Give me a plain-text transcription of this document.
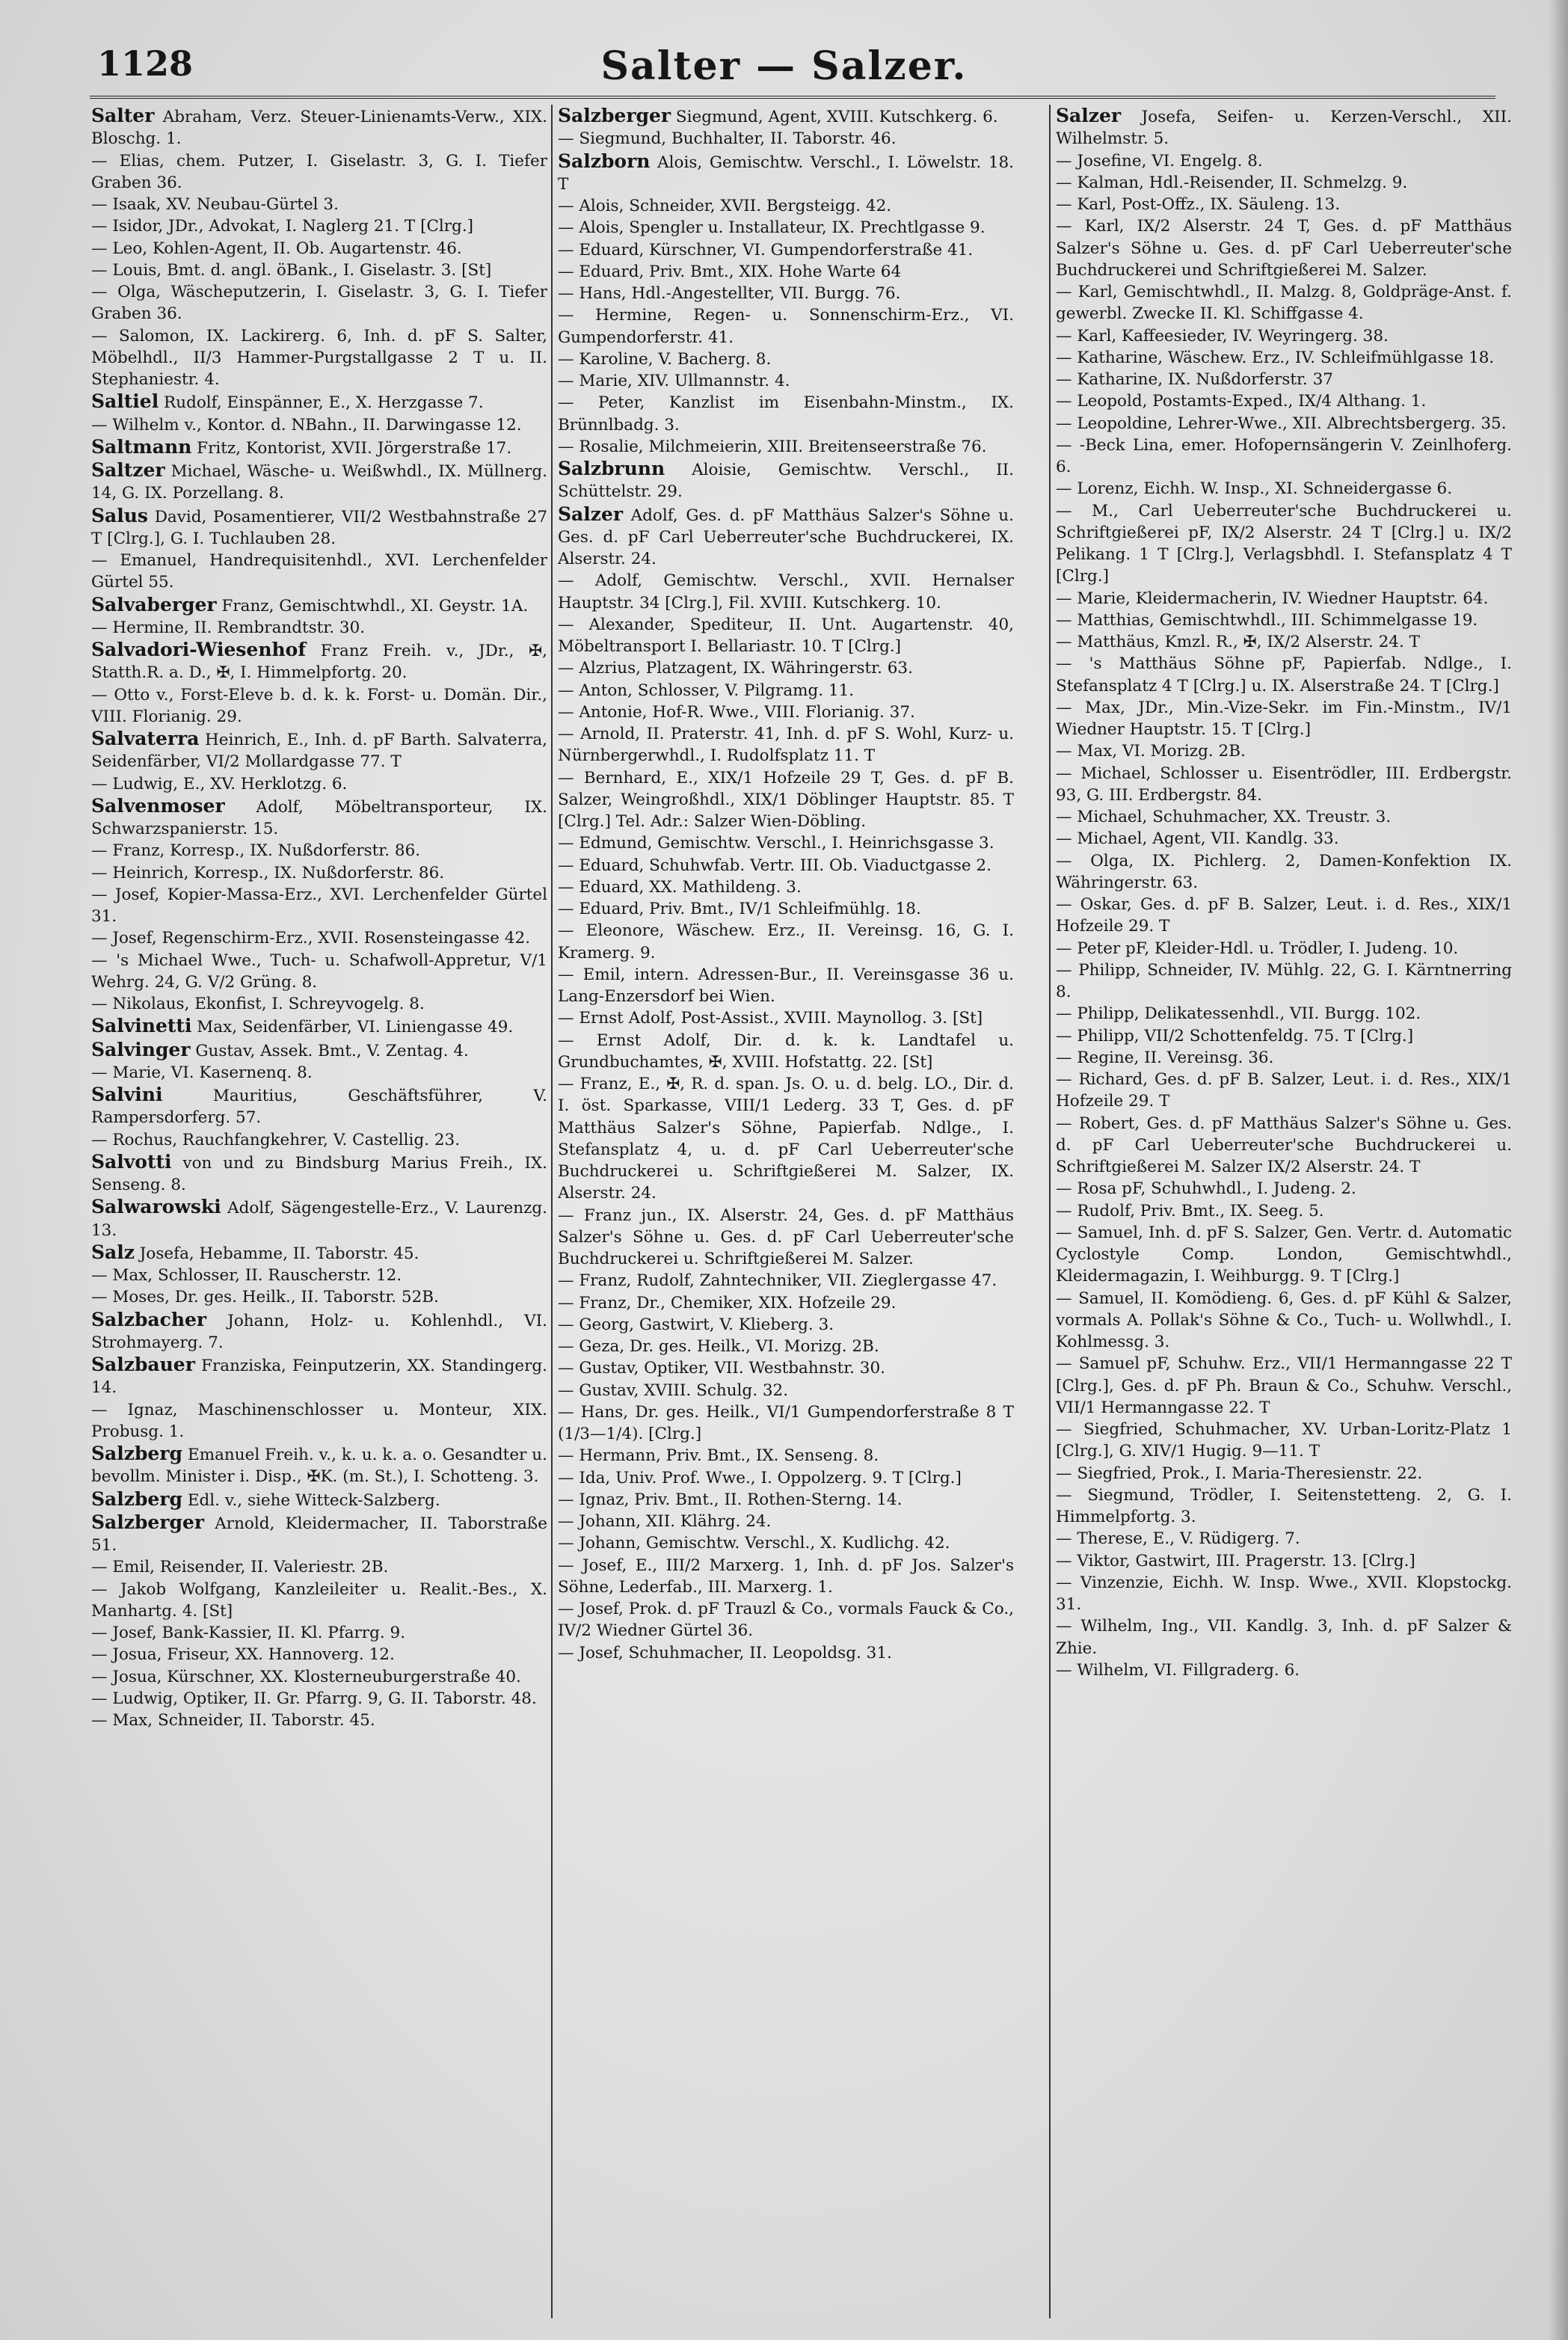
1128	Salter — Salzer.

Salter Abraham, Verz. Steuer-Linienamts-Verw., XIX. Bloschg. 1.

— Elias, chem. Putzer, I. Giselastr. 3, G. I. Tiefer Graben 36.

— Isaak, XV. Neubau-Gürtel 3.

— Isidor, JDr., Advokat, I. Naglerg 21. T [Clrg.]

— Leo, Kohlen-Agent, II. Ob. Augartenstr. 46.

— Louis, Bmt. d. angl. öBank., I. Giselastr. 3. [St]

— Olga, Wäscheputzerin, I. Giselastr. 3, G. I. Tiefer Graben 36.

— Salomon, IX. Lackirerg. 6, Inh. d. pF S. Salter, Möbelhdl., II/3 Hammer-Purgstallgasse 2 T u. II. Stephaniestr. 4.

Saltiel Rudolf, Einspänner, E., X. Herzgasse 7.

— Wilhelm v., Kontor. d. NBahn., II. Darwingasse 12.

Saltmann Fritz, Kontorist, XVII. Jörgerstraße 17.

Saltzer Michael, Wäsche- u. Weißwhdl., IX. Müllnerg. 14, G. IX. Porzellang. 8.

Salus David, Posamentierer, VII/2 Westbahnstraße 27 T [Clrg.], G. I. Tuchlauben 28.

— Emanuel, Handrequisitenhdl., XVI. Lerchenfelder Gürtel 55.

Salvaberger Franz, Gemischtwhdl., XI. Geystr. 1A.

— Hermine, II. Rembrandtstr. 30.

Salvadori-Wiesenhof Franz Freih. v., JDr., ✠, Statth.R. a. D., ✠, I. Himmelpfortg. 20.

— Otto v., Forst-Eleve b. d. k. k. Forst- u. Domän. Dir., VIII. Florianig. 29.

Salvaterra Heinrich, E., Inh. d. pF Barth. Salvaterra, Seidenfärber, VI/2 Mollardgasse 77. T

— Ludwig, E., XV. Herklotzg. 6.

Salvenmoser Adolf, Möbeltransporteur, IX. Schwarzspanierstr. 15.

— Franz, Korresp., IX. Nußdorferstr. 86.

— Heinrich, Korresp., IX. Nußdorferstr. 86.

— Josef, Kopier-Massa-Erz., XVI. Lerchenfelder Gürtel 31.

— Josef, Regenschirm-Erz., XVII. Rosensteingasse 42.

— 's Michael Wwe., Tuch- u. Schafwoll-Appretur, V/1 Wehrg. 24, G. V/2 Grüng. 8.

— Nikolaus, Ekonfist, I. Schreyvogelg. 8.

Salvinetti Max, Seidenfärber, VI. Liniengasse 49.

Salvinger Gustav, Assek. Bmt., V. Zentag. 4.

— Marie, VI. Kasernenq. 8.

Salvini	Mauritius, Geschäftsführer, V. Rampersdorferg. 57.

— Rochus, Rauchfangkehrer, V. Castellig. 23.

Salvotti von und zu Bindsburg Marius Freih., IX. Senseng. 8.

Salwarowski Adolf, Sägengestelle-Erz., V. Laurenzg. 13.

Salz Josefa, Hebamme, II. Taborstr. 45.

— Max, Schlosser, II. Rauscherstr. 12.

— Moses, Dr. ges. Heilk., II. Taborstr. 52B.

Salzbacher Johann, Holz- u. Kohlenhdl., VI. Strohmayerg. 7.

Salzbauer Franziska, Feinputzerin, XX. Standingerg. 14.

— Ignaz, Maschinenschlosser u. Monteur, XIX. Probusg. 1.

Salzberg Emanuel Freih. v., k. u. k. a. o. Gesandter u. bevollm. Minister i. Disp., ✠K. (m. St.), I. Schotteng. 3.

Salzberg Edl. v., siehe Witteck-Salzberg.

Salzberger Arnold, Kleidermacher, II. Taborstraße 51.

— Emil, Reisender, II. Valeriestr. 2B.

— Jakob Wolfgang, Kanzleileiter u. Realit.-Bes., X. Manhartg. 4. [St]

— Josef, Bank-Kassier, II. Kl. Pfarrg. 9.

— Josua, Friseur, XX. Hannoverg. 12.

— Josua, Kürschner, XX. Klosterneuburgerstraße 40.

— Ludwig, Optiker, II. Gr. Pfarrg. 9, G. II. Taborstr. 48.

— Max, Schneider, II. Taborstr. 45.

Salzberger Siegmund, Agent, XVIII. Kutschkerg. 6.

— Siegmund, Buchhalter, II. Taborstr. 46.

Salzborn Alois, Gemischtw. Verschl., I. Löwelstr. 18. T

— Alois, Schneider, XVII. Bergsteigg. 42.

— Alois, Spengler u. Installateur, IX. Prechtlgasse 9.

— Eduard, Kürschner, VI. Gumpendorferstraße 41.

— Eduard, Priv. Bmt., XIX. Hohe Warte 64

— Hans, Hdl.-Angestellter, VII. Burgg. 76.

— Hermine, Regen- u. Sonnenschirm-Erz., VI. Gumpendorferstr. 41.

— Karoline, V. Bacherg. 8.

— Marie, XIV. Ullmannstr. 4.

— Peter, Kanzlist im Eisenbahn-Minstm., IX. Brünnlbadg. 3.

— Rosalie, Milchmeierin, XIII. Breitenseerstraße 76.

Salzbrunn Aloisie, Gemischtw. Verschl., II. Schüttelstr. 29.

Salzer Adolf, Ges. d. pF Matthäus Salzer's Söhne u. Ges. d. pF Carl Ueberreuter'sche Buchdruckerei, IX. Alserstr. 24.

— Adolf, Gemischtw. Verschl., XVII. Hernalser Hauptstr. 34 [Clrg.], Fil. XVIII. Kutschkerg. 10.

— Alexander, Spediteur, II. Unt. Augartenstr. 40, Möbeltransport I. Bellariastr. 10. T [Clrg.]

— Alzrius, Platzagent, IX. Währingerstr. 63.

— Anton, Schlosser, V. Pilgramg. 11.

— Antonie, Hof-R. Wwe., VIII. Florianig. 37.

— Arnold, II. Praterstr. 41, Inh. d. pF S. Wohl, Kurz- u. Nürnbergerwhdl., I. Rudolfsplatz 11. T

— Bernhard, E., XIX/1 Hofzeile 29 T, Ges. d. pF B. Salzer, Weingroßhdl., XIX/1 Döblinger Hauptstr. 85. T [Clrg.] Tel. Adr.: Salzer Wien-Döbling.

— Edmund, Gemischtw. Verschl., I. Heinrichsgasse 3.

— Eduard, Schuhwfab. Vertr. III. Ob. Viaductgasse 2.

— Eduard, XX. Mathildeng. 3.

— Eduard, Priv. Bmt., IV/1 Schleifmühlg. 18.

— Eleonore, Wäschew. Erz., II. Vereinsg. 16, G. I. Kramerg. 9.

— Emil, intern. Adressen-Bur., II. Vereinsgasse 36 u. Lang-Enzersdorf bei Wien.

— Ernst Adolf, Post-Assist., XVIII. Maynollog. 3. [St]

— Ernst Adolf, Dir. d. k. k. Landtafel u. Grundbuchamtes, ✠, XVIII. Hofstattg. 22. [St]

— Franz, E., ✠, R. d. span. Js. O. u. d. belg. LO., Dir. d. I. öst. Sparkasse, VIII/1 Lederg. 33 T, Ges. d. pF Matthäus Salzer's Söhne, Papierfab. Ndlge., I. Stefansplatz 4, u. d. pF Carl Ueberreuter'sche Buchdruckerei u. Schriftgießerei M. Salzer, IX. Alserstr. 24.

— Franz jun., IX. Alserstr. 24, Ges. d. pF Matthäus Salzer's Söhne u. Ges. d. pF Carl Ueberreuter'sche Buchdruckerei u. Schriftgießerei M. Salzer.

— Franz, Rudolf, Zahntechniker, VII. Zieglergasse 47.

— Franz, Dr., Chemiker, XIX. Hofzeile 29.

— Georg, Gastwirt, V. Klieberg. 3.

— Geza, Dr. ges. Heilk., VI. Morizg. 2B.

— Gustav, Optiker, VII. Westbahnstr. 30.

— Gustav, XVIII. Schulg. 32.

— Hans, Dr. ges. Heilk., VI/1 Gumpendorferstraße 8 T (1/3—1/4). [Clrg.]

— Hermann, Priv. Bmt., IX. Senseng. 8.

— Ida, Univ. Prof. Wwe., I. Oppolzerg. 9. T [Clrg.]

— Ignaz, Priv. Bmt., II. Rothen-Sterng. 14.

— Johann, XII. Klährg. 24.

— Johann, Gemischtw. Verschl., X. Kudlichg. 42.

— Josef, E., III/2 Marxerg. 1, Inh. d. pF Jos. Salzer's Söhne, Lederfab., III. Marxerg. 1.

— Josef, Prok. d. pF Trauzl & Co., vormals Fauck & Co., IV/2 Wiedner Gürtel 36.

— Josef, Schuhmacher, II. Leopoldsg. 31.

Salzer Josefa, Seifen- u. Kerzen-Verschl., XII. Wilhelmstr. 5.

— Josefine, VI. Engelg. 8.

— Kalman, Hdl.-Reisender, II. Schmelzg. 9.

— Karl, Post-Offz., IX. Säuleng. 13.

— Karl, IX/2 Alserstr. 24 T, Ges. d. pF Matthäus Salzer's Söhne u. Ges. d. pF Carl Ueberreuter'sche Buchdruckerei und Schriftgießerei M. Salzer.

— Karl, Gemischtwhdl., II. Malzg. 8, Goldpräge-Anst. f. gewerbl. Zwecke II. Kl. Schiffgasse 4.

— Karl, Kaffeesieder, IV. Weyringerg. 38.

— Katharine, Wäschew. Erz., IV. Schleifmühlgasse 18.

— Katharine, IX. Nußdorferstr. 37

— Leopold, Postamts-Exped., IX/4 Althang. 1.

— Leopoldine, Lehrer-Wwe., XII. Albrechtsbergerg. 35.

— -Beck Lina, emer. Hofopernsängerin V. Zeinlhoferg. 6.

— Lorenz, Eichh. W. Insp., XI. Schneidergasse 6.

— M., Carl Ueberreuter'sche Buchdruckerei u. Schriftgießerei pF, IX/2 Alserstr. 24 T [Clrg.] u. IX/2 Pelikang. 1 T [Clrg.], Verlagsbhdl. I. Stefansplatz 4 T [Clrg.]

— Marie, Kleidermacherin, IV. Wiedner Hauptstr. 64.

— Matthias, Gemischtwhdl., III. Schimmelgasse 19.

— Matthäus, Kmzl. R., ✠, IX/2 Alserstr. 24. T

— 's Matthäus Söhne pF, Papierfab. Ndlge., I. Stefansplatz 4 T [Clrg.] u. IX. Alserstraße 24. T [Clrg.]

— Max, JDr., Min.-Vize-Sekr. im Fin.-Minstm., IV/1 Wiedner Hauptstr. 15. T [Clrg.]

— Max, VI. Morizg. 2B.

— Michael, Schlosser u. Eisentrödler, III. Erdbergstr. 93, G. III. Erdbergstr. 84.

— Michael, Schuhmacher, XX. Treustr. 3.

— Michael, Agent, VII. Kandlg. 33.

— Olga, IX. Pichlerg. 2, Damen-Konfektion IX. Währingerstr. 63.

— Oskar, Ges. d. pF B. Salzer, Leut. i. d. Res., XIX/1 Hofzeile 29. T

— Peter pF, Kleider-Hdl. u. Trödler, I. Judeng. 10.

— Philipp, Schneider, IV. Mühlg. 22, G. I. Kärntnerring 8.

— Philipp, Delikatessenhdl., VII. Burgg. 102.

— Philipp, VII/2 Schottenfeldg. 75. T [Clrg.]

— Regine, II. Vereinsg. 36.

— Richard, Ges. d. pF B. Salzer, Leut. i. d. Res., XIX/1 Hofzeile 29. T

— Robert, Ges. d. pF Matthäus Salzer's Söhne u. Ges. d. pF Carl Ueberreuter'sche Buchdruckerei u. Schriftgießerei M. Salzer IX/2 Alserstr. 24. T

— Rosa pF, Schuhwhdl., I. Judeng. 2.

— Rudolf, Priv. Bmt., IX. Seeg. 5.

— Samuel, Inh. d. pF S. Salzer, Gen. Vertr. d. Automatic Cyclostyle Comp. London, Gemischtwhdl., Kleidermagazin, I. Weihburgg. 9. T [Clrg.]

— Samuel, II. Komödieng. 6, Ges. d. pF Kühl & Salzer, vormals A. Pollak's Söhne & Co., Tuch- u. Wollwhdl., I. Kohlmessg. 3.

— Samuel pF, Schuhw. Erz., VII/1 Hermanngasse 22 T [Clrg.], Ges. d. pF Ph. Braun & Co., Schuhw. Verschl., VII/1 Hermanngasse 22. T

— Siegfried, Schuhmacher, XV. Urban-Loritz-Platz 1 [Clrg.], G. XIV/1 Hugig. 9—11. T

— Siegfried, Prok., I. Maria-Theresienstr. 22.

— Siegmund, Trödler, I. Seitenstetteng. 2, G. I. Himmelpfortg. 3.

— Therese, E., V. Rüdigerg. 7.

— Viktor, Gastwirt, III. Pragerstr. 13. [Clrg.]

— Vinzenzie, Eichh. W. Insp. Wwe., XVII. Klopstockg. 31.

— Wilhelm, Ing., VII. Kandlg. 3, Inh. d. pF Salzer & Zhie.

— Wilhelm, VI. Fillgraderg. 6.
